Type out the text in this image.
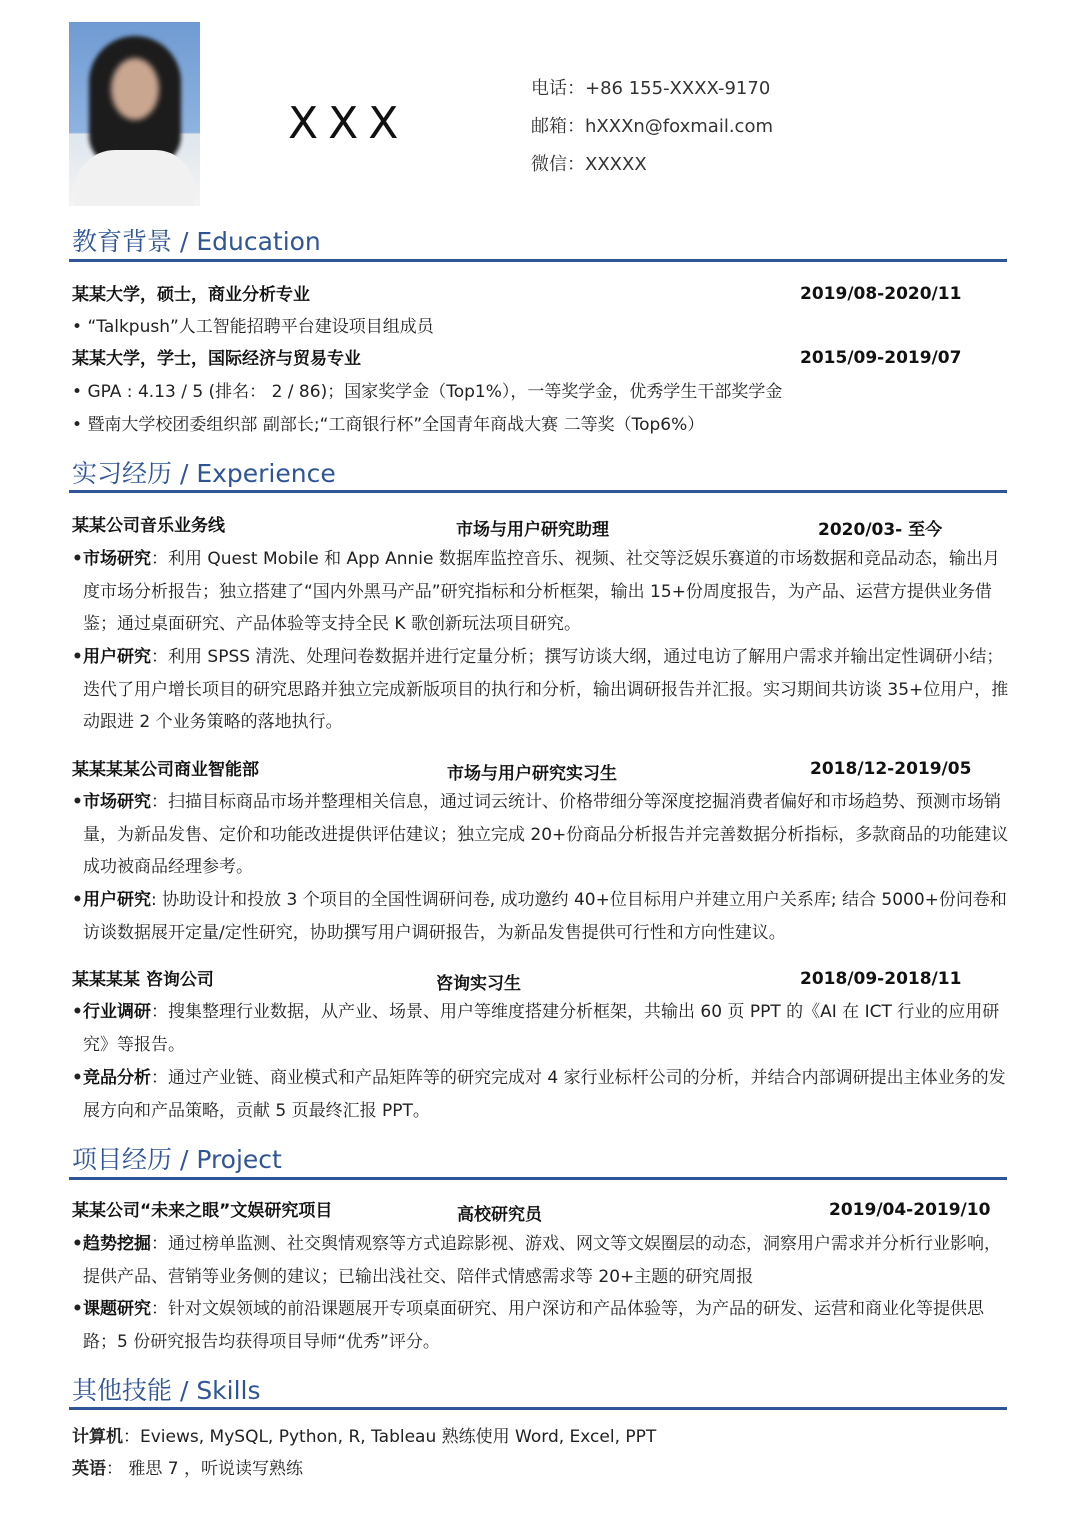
XXX
电话：+86 155-XXXX-9170
邮箱：hXXXn@foxmail.com
微信：XXXXX
教育背景 / Education
某某大学，硕士，商业分析专业	2019/08-2020/11
• “Talkpush”人工智能招聘平台建设项目组成员
某某大学，学士，国际经济与贸易专业	2015/09-2019/07
• GPA : 4.13 / 5 (排名： 2 / 86)；国家奖学金（Top1%），一等奖学金，优秀学生干部奖学金
• 暨南大学校团委组织部 副部长;“工商银行杯”全国青年商战大赛 二等奖（Top6%）
实习经历 / Experience
某某公司音乐业务线	市场与用户研究助理	2020/03- 至今
• 市场研究：利用 Quest Mobile 和 App Annie 数据库监控音乐、视频、社交等泛娱乐赛道的市场数据和竞品动态，输出月度市场分析报告；独立搭建了“国内外黑马产品”研究指标和分析框架，输出 15+份周度报告，为产品、运营方提供业务借鉴；通过桌面研究、产品体验等支持全民 K 歌创新玩法项目研究。
• 用户研究：利用 SPSS 清洗、处理问卷数据并进行定量分析；撰写访谈大纲，通过电访了解用户需求并输出定性调研小结；迭代了用户增长项目的研究思路并独立完成新版项目的执行和分析，输出调研报告并汇报。实习期间共访谈 35+位用户，推动跟进 2 个业务策略的落地执行。
某某某某公司商业智能部	市场与用户研究实习生	2018/12-2019/05
• 市场研究：扫描目标商品市场并整理相关信息，通过词云统计、价格带细分等深度挖掘消费者偏好和市场趋势、预测市场销量，为新品发售、定价和功能改进提供评估建议；独立完成 20+份商品分析报告并完善数据分析指标，多款商品的功能建议成功被商品经理参考。
• 用户研究: 协助设计和投放 3 个项目的全国性调研问卷, 成功邀约 40+位目标用户并建立用户关系库; 结合 5000+份问卷和访谈数据展开定量/定性研究，协助撰写用户调研报告，为新品发售提供可行性和方向性建议。
某某某某 咨询公司	咨询实习生	2018/09-2018/11
• 行业调研：搜集整理行业数据，从产业、场景、用户等维度搭建分析框架，共输出 60 页 PPT 的《AI 在 ICT 行业的应用研究》等报告。
• 竞品分析：通过产业链、商业模式和产品矩阵等的研究完成对 4 家行业标杆公司的分析，并结合内部调研提出主体业务的发展方向和产品策略，贡献 5 页最终汇报 PPT。
项目经历 / Project
某某公司“未来之眼”文娱研究项目	高校研究员	2019/04-2019/10
• 趋势挖掘：通过榜单监测、社交舆情观察等方式追踪影视、游戏、网文等文娱圈层的动态，洞察用户需求并分析行业影响，提供产品、营销等业务侧的建议；已输出浅社交、陪伴式情感需求等 20+主题的研究周报
• 课题研究：针对文娱领域的前沿课题展开专项桌面研究、用户深访和产品体验等，为产品的研发、运营和商业化等提供思路；5 份研究报告均获得项目导师“优秀”评分。
其他技能 / Skills
计算机：Eviews, MySQL, Python, R, Tableau 熟练使用 Word, Excel, PPT
英语： 雅思 7 ，听说读写熟练
